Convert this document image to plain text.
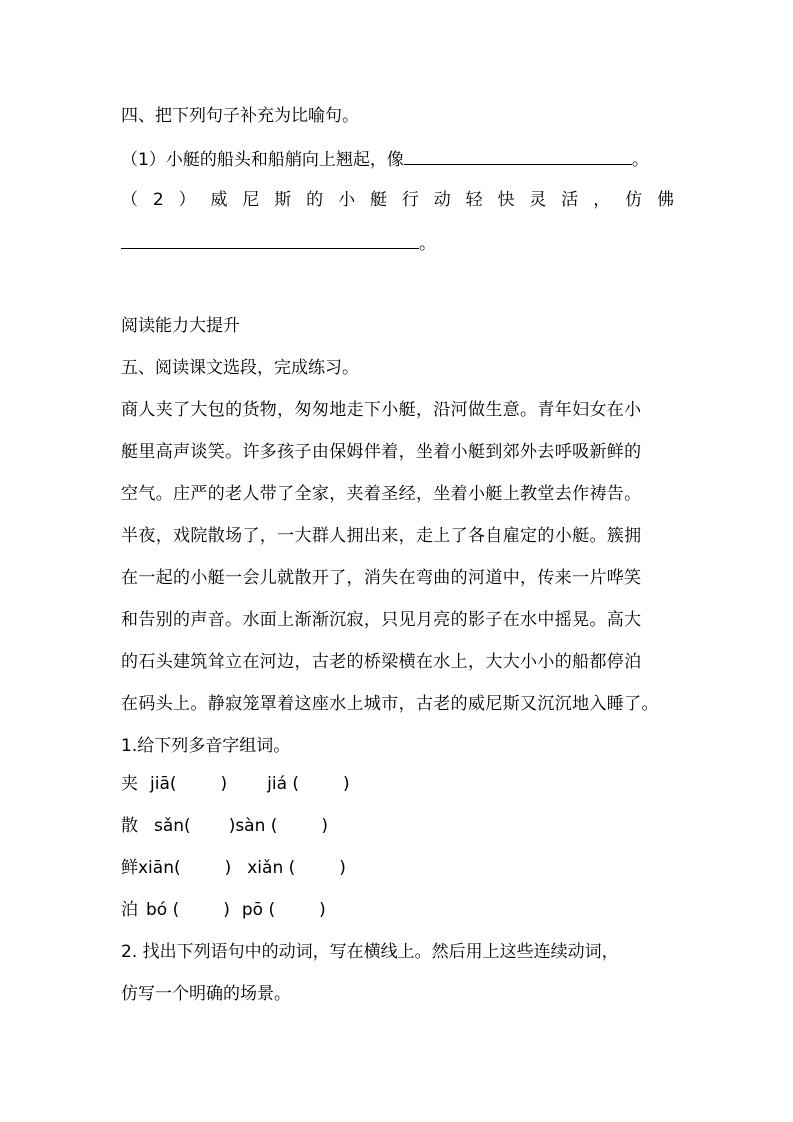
四、把下列句子补充为比喻句。
（1）小艇的船头和船艄向上翘起，像	。
（ 2 ） 威 尼 斯 的 小 艇 行 动 轻 快 灵 活 ， 仿 佛
。
阅读能力大提升
五、阅读课文选段，完成练习。
商人夹了大包的货物，匆匆地走下小艇，沿河做生意。青年妇女在小
艇里高声谈笑。许多孩子由保姆伴着，坐着小艇到郊外去呼吸新鲜的
空气。庄严的老人带了全家，夹着圣经，坐着小艇上教堂去作祷告。
半夜，戏院散场了，一大群人拥出来，走上了各自雇定的小艇。簇拥
在一起的小艇一会儿就散开了，消失在弯曲的河道中，传来一片哗笑
和告别的声音。水面上渐渐沉寂，只见月亮的影子在水中摇晃。高大
的石头建筑耸立在河边，古老的桥梁横在水上，大大小小的船都停泊
在码头上。静寂笼罩着这座水上城市，古老的威尼斯又沉沉地入睡了。
1.给下列多音字组词。
夹 jiā(	) jiá (	)
散 sǎn( )sàn (	)
鲜xiān(	) xiǎn (	)
泊 bó (	) pō (	)
2. 找出下列语句中的动词，写在横线上。然后用上这些连续动词，
仿写一个明确的场景。
